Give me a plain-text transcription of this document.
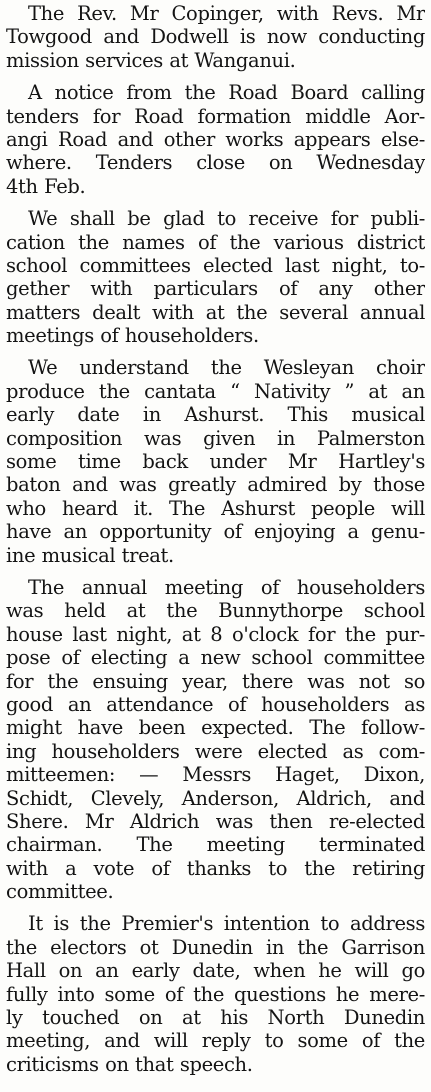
The Rev. Mr Copinger, with Revs. Mr
Towgood and Dodwell is now conducting
mission services at Wanganui.
A notice from the Road Board calling
tenders for Road formation middle Aor-
angi Road and other works appears else-
where. Tenders close on Wednesday
4th Feb.
We shall be glad to receive for publi-
cation the names of the various district
school committees elected last night, to-
gether with particulars of any other
matters dealt with at the several annual
meetings of householders.
We understand the Wesleyan choir
produce the cantata “ Nativity ” at an
early date in Ashurst. This musical
composition was given in Palmerston
some time back under Mr Hartley's
baton and was greatly admired by those
who heard it. The Ashurst people will
have an opportunity of enjoying a genu-
ine musical treat.
The annual meeting of householders
was held at the Bunnythorpe school
house last night, at 8 o'clock for the pur-
pose of electing a new school committee
for the ensuing year, there was not so
good an attendance of householders as
might have been expected. The follow-
ing householders were elected as com-
mitteemen: — Messrs Haget, Dixon,
Schidt, Clevely, Anderson, Aldrich, and
Shere. Mr Aldrich was then re-elected
chairman. The meeting terminated
with a vote of thanks to the retiring
committee.
It is the Premier's intention to address
the electors ot Dunedin in the Garrison
Hall on an early date, when he will go
fully into some of the questions he mere-
ly touched on at his North Dunedin
meeting, and will reply to some of the
criticisms on that speech.
